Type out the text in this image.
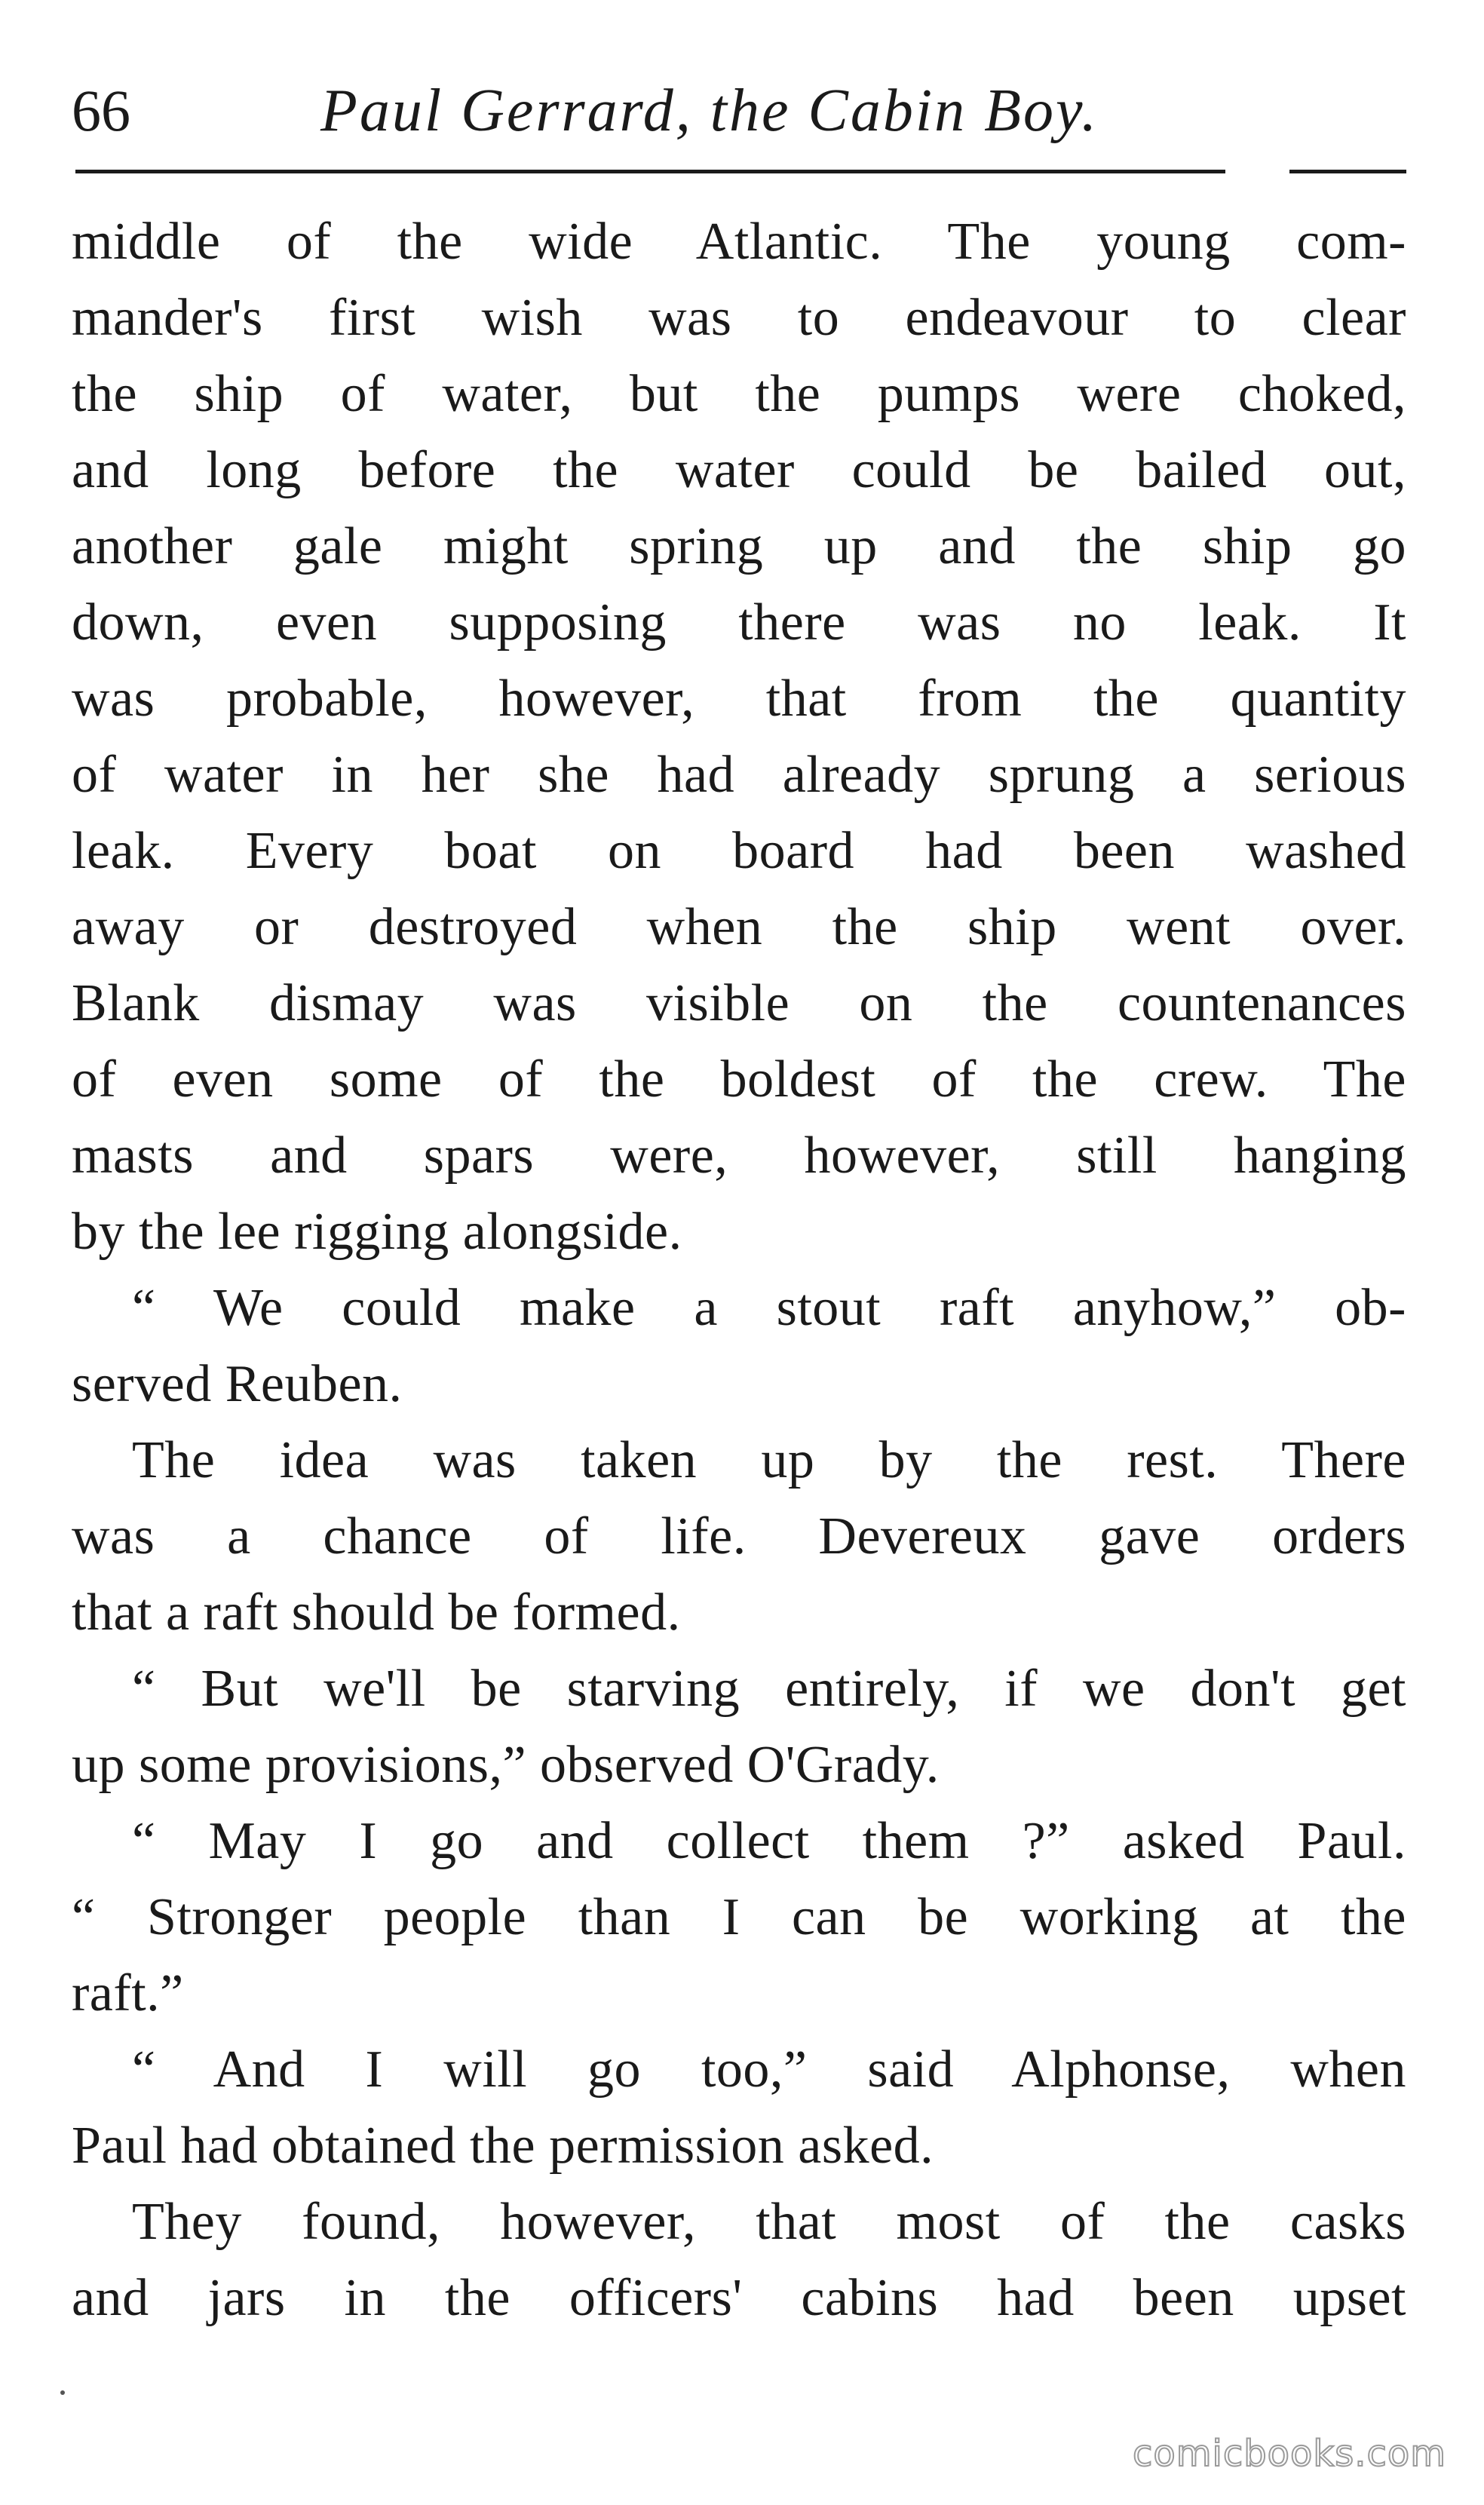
66	Paul Gerrard, the Cabin Boy.
middle of the wide Atlantic. The young com-
mander's first wish was to endeavour to clear
the ship of water, but the pumps were choked,
and long before the water could be bailed out,
another gale might spring up and the ship go
down, even supposing there was no leak. It
was probable, however, that from the quantity
of water in her she had already sprung a serious
leak. Every boat on board had been washed
away or destroyed when the ship went over.
Blank dismay was visible on the countenances
of even some of the boldest of the crew. The
masts and spars were, however, still hanging
by the lee rigging alongside.
“ We could make a stout raft anyhow,” ob-
served Reuben.
The idea was taken up by the rest. There
was a chance of life. Devereux gave orders
that a raft should be formed.
“ But we'll be starving entirely, if we don't get
up some provisions,” observed O'Grady.
“ May I go and collect them ?” asked Paul.
“ Stronger people than I can be working at the
raft.”
“ And I will go too,” said Alphonse, when
Paul had obtained the permission asked.
They found, however, that most of the casks
and jars in the officers' cabins had been upset
comicbooks.com
